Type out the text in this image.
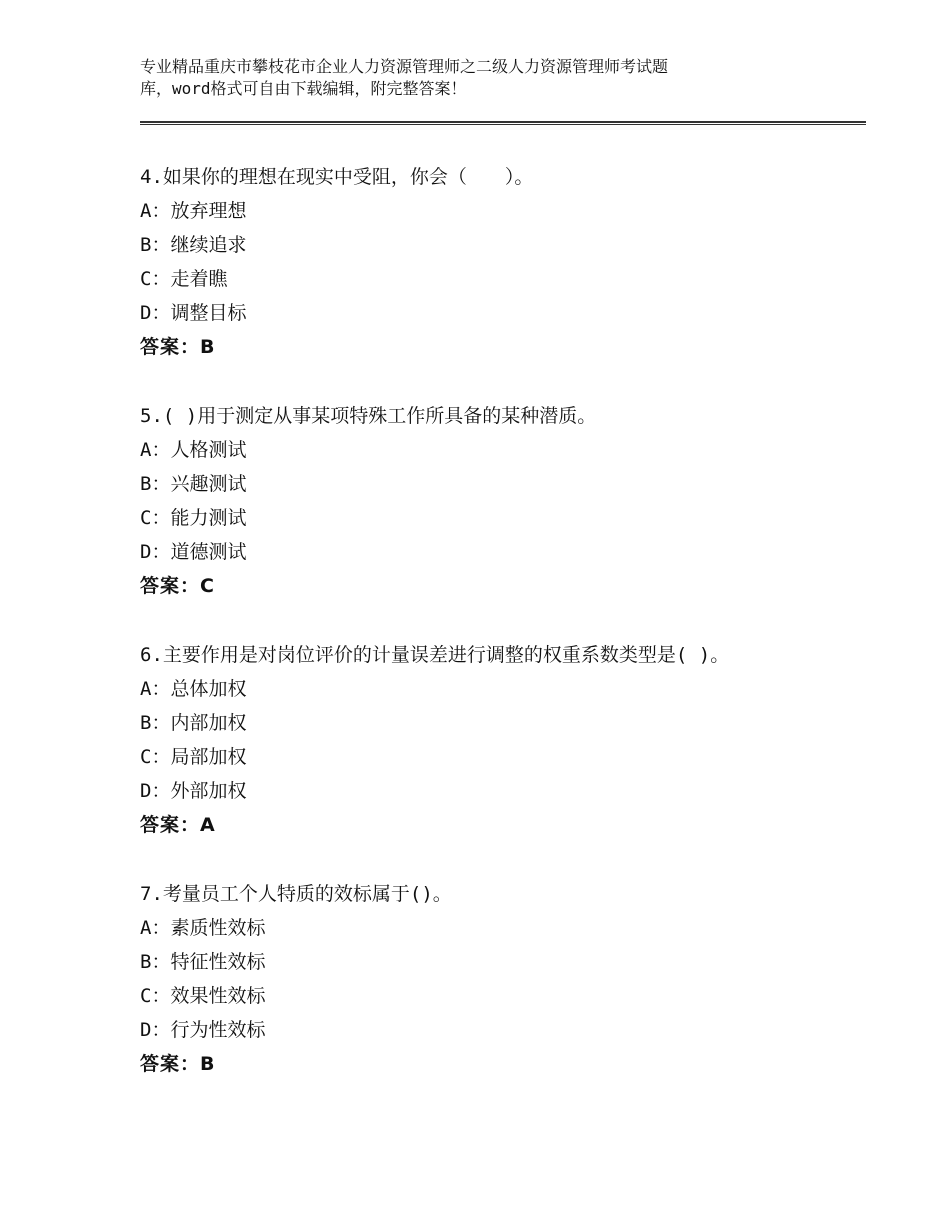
专业精品重庆市攀枝花市企业人力资源管理师之二级人力资源管理师考试题

库，word格式可自由下载编辑，附完整答案！

4.如果你的理想在现实中受阻，你会（　　）。

A：放弃理想

B：继续追求

C：走着瞧

D：调整目标

答案：B

5.( )用于测定从事某项特殊工作所具备的某种潜质。

A：人格测试

B：兴趣测试

C：能力测试

D：道德测试

答案：C

6.主要作用是对岗位评价的计量误差进行调整的权重系数类型是( )。

A：总体加权

B：内部加权

C：局部加权

D：外部加权

答案：A

7.考量员工个人特质的效标属于()。

A：素质性效标

B：特征性效标

C：效果性效标

D：行为性效标

答案：B
